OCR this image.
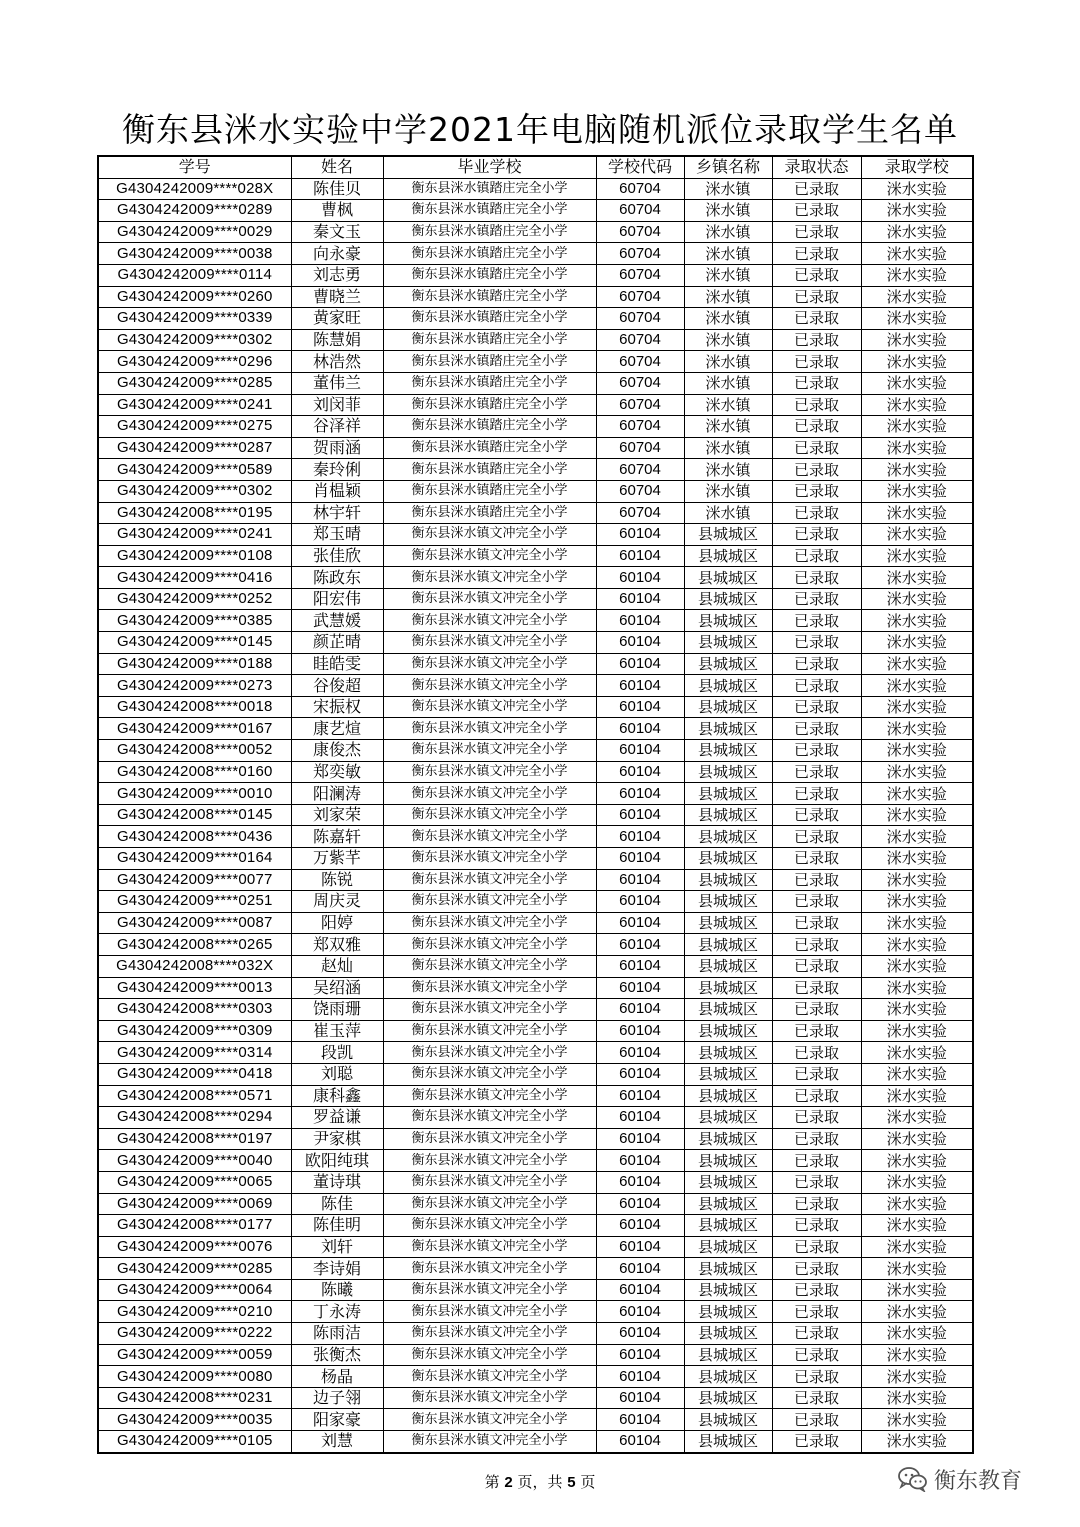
衡东县洣水实验中学2021年电脑随机派位录取学生名单
学号	姓名	毕业学校	学校代码	乡镇名称	录取状态	录取学校
G4304242009****028X	陈佳贝	衡东县洣水镇踏庄完全小学	60704	洣水镇	已录取	洣水实验
G4304242009****0289	曹枫	衡东县洣水镇踏庄完全小学	60704	洣水镇	已录取	洣水实验
G4304242009****0029	秦文玉	衡东县洣水镇踏庄完全小学	60704	洣水镇	已录取	洣水实验
G4304242009****0038	向永豪	衡东县洣水镇踏庄完全小学	60704	洣水镇	已录取	洣水实验
G4304242009****0114	刘志勇	衡东县洣水镇踏庄完全小学	60704	洣水镇	已录取	洣水实验
G4304242009****0260	曹晓兰	衡东县洣水镇踏庄完全小学	60704	洣水镇	已录取	洣水实验
G4304242009****0339	黄家旺	衡东县洣水镇踏庄完全小学	60704	洣水镇	已录取	洣水实验
G4304242009****0302	陈慧娟	衡东县洣水镇踏庄完全小学	60704	洣水镇	已录取	洣水实验
G4304242009****0296	林浩然	衡东县洣水镇踏庄完全小学	60704	洣水镇	已录取	洣水实验
G4304242009****0285	董伟兰	衡东县洣水镇踏庄完全小学	60704	洣水镇	已录取	洣水实验
G4304242009****0241	刘闵菲	衡东县洣水镇踏庄完全小学	60704	洣水镇	已录取	洣水实验
G4304242009****0275	谷泽祥	衡东县洣水镇踏庄完全小学	60704	洣水镇	已录取	洣水实验
G4304242009****0287	贺雨涵	衡东县洣水镇踏庄完全小学	60704	洣水镇	已录取	洣水实验
G4304242009****0589	秦玲俐	衡东县洣水镇踏庄完全小学	60704	洣水镇	已录取	洣水实验
G4304242009****0302	肖榅颖	衡东县洣水镇踏庄完全小学	60704	洣水镇	已录取	洣水实验
G4304242008****0195	林宇轩	衡东县洣水镇踏庄完全小学	60704	洣水镇	已录取	洣水实验
G4304242009****0241	郑玉晴	衡东县洣水镇文冲完全小学	60104	县城城区	已录取	洣水实验
G4304242009****0108	张佳欣	衡东县洣水镇文冲完全小学	60104	县城城区	已录取	洣水实验
G4304242009****0416	陈政东	衡东县洣水镇文冲完全小学	60104	县城城区	已录取	洣水实验
G4304242009****0252	阳宏伟	衡东县洣水镇文冲完全小学	60104	县城城区	已录取	洣水实验
G4304242009****0385	武慧媛	衡东县洣水镇文冲完全小学	60104	县城城区	已录取	洣水实验
G4304242009****0145	颜芷晴	衡东县洣水镇文冲完全小学	60104	县城城区	已录取	洣水实验
G4304242009****0188	眭皓雯	衡东县洣水镇文冲完全小学	60104	县城城区	已录取	洣水实验
G4304242009****0273	谷俊超	衡东县洣水镇文冲完全小学	60104	县城城区	已录取	洣水实验
G4304242008****0018	宋振权	衡东县洣水镇文冲完全小学	60104	县城城区	已录取	洣水实验
G4304242009****0167	康艺煊	衡东县洣水镇文冲完全小学	60104	县城城区	已录取	洣水实验
G4304242008****0052	康俊杰	衡东县洣水镇文冲完全小学	60104	县城城区	已录取	洣水实验
G4304242008****0160	郑奕敏	衡东县洣水镇文冲完全小学	60104	县城城区	已录取	洣水实验
G4304242009****0010	阳澜涛	衡东县洣水镇文冲完全小学	60104	县城城区	已录取	洣水实验
G4304242008****0145	刘家荣	衡东县洣水镇文冲完全小学	60104	县城城区	已录取	洣水实验
G4304242008****0436	陈嘉轩	衡东县洣水镇文冲完全小学	60104	县城城区	已录取	洣水实验
G4304242009****0164	万紫芊	衡东县洣水镇文冲完全小学	60104	县城城区	已录取	洣水实验
G4304242009****0077	陈锐	衡东县洣水镇文冲完全小学	60104	县城城区	已录取	洣水实验
G4304242009****0251	周庆灵	衡东县洣水镇文冲完全小学	60104	县城城区	已录取	洣水实验
G4304242009****0087	阳婷	衡东县洣水镇文冲完全小学	60104	县城城区	已录取	洣水实验
G4304242008****0265	郑双雅	衡东县洣水镇文冲完全小学	60104	县城城区	已录取	洣水实验
G4304242008****032X	赵灿	衡东县洣水镇文冲完全小学	60104	县城城区	已录取	洣水实验
G4304242009****0013	吴绍涵	衡东县洣水镇文冲完全小学	60104	县城城区	已录取	洣水实验
G4304242008****0303	饶雨珊	衡东县洣水镇文冲完全小学	60104	县城城区	已录取	洣水实验
G4304242009****0309	崔玉萍	衡东县洣水镇文冲完全小学	60104	县城城区	已录取	洣水实验
G4304242009****0314	段凯	衡东县洣水镇文冲完全小学	60104	县城城区	已录取	洣水实验
G4304242009****0418	刘聪	衡东县洣水镇文冲完全小学	60104	县城城区	已录取	洣水实验
G4304242008****0571	康科鑫	衡东县洣水镇文冲完全小学	60104	县城城区	已录取	洣水实验
G4304242008****0294	罗益谦	衡东县洣水镇文冲完全小学	60104	县城城区	已录取	洣水实验
G4304242008****0197	尹家棋	衡东县洣水镇文冲完全小学	60104	县城城区	已录取	洣水实验
G4304242009****0040	欧阳纯琪	衡东县洣水镇文冲完全小学	60104	县城城区	已录取	洣水实验
G4304242009****0065	董诗琪	衡东县洣水镇文冲完全小学	60104	县城城区	已录取	洣水实验
G4304242009****0069	陈佳	衡东县洣水镇文冲完全小学	60104	县城城区	已录取	洣水实验
G4304242008****0177	陈佳明	衡东县洣水镇文冲完全小学	60104	县城城区	已录取	洣水实验
G4304242009****0076	刘轩	衡东县洣水镇文冲完全小学	60104	县城城区	已录取	洣水实验
G4304242009****0285	李诗娟	衡东县洣水镇文冲完全小学	60104	县城城区	已录取	洣水实验
G4304242009****0064	陈曦	衡东县洣水镇文冲完全小学	60104	县城城区	已录取	洣水实验
G4304242009****0210	丁永涛	衡东县洣水镇文冲完全小学	60104	县城城区	已录取	洣水实验
G4304242009****0222	陈雨洁	衡东县洣水镇文冲完全小学	60104	县城城区	已录取	洣水实验
G4304242009****0059	张衡杰	衡东县洣水镇文冲完全小学	60104	县城城区	已录取	洣水实验
G4304242009****0080	杨晶	衡东县洣水镇文冲完全小学	60104	县城城区	已录取	洣水实验
G4304242008****0231	边子翎	衡东县洣水镇文冲完全小学	60104	县城城区	已录取	洣水实验
G4304242009****0035	阳家豪	衡东县洣水镇文冲完全小学	60104	县城城区	已录取	洣水实验
G4304242009****0105	刘慧	衡东县洣水镇文冲完全小学	60104	县城城区	已录取	洣水实验
第 2 页，共 5 页	衡东教育
